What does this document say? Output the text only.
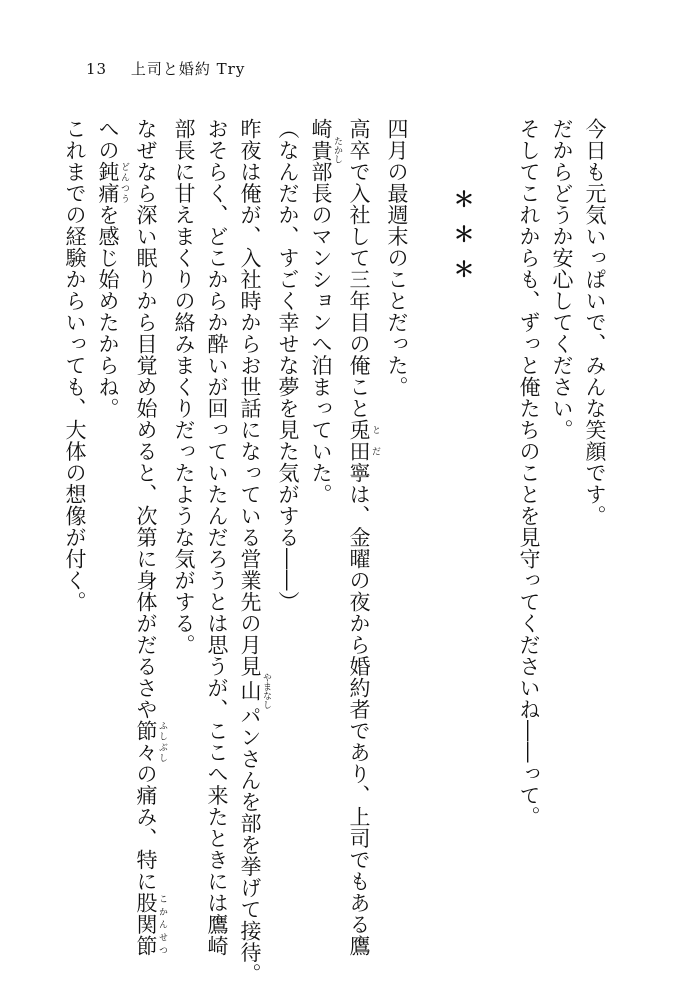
13 上司と婚約 Try

今日も元気いっぱいで、みんな笑顔です。

だからどうか安心してください。

そしてこれからも、ずっと俺たちのことを見守ってくださいね――って。

＊＊＊

四月の最週末のことだった。

高卒で入社して三年目の俺こと兎田 とだ寧は、金曜の夜から婚約者であり、上司でもある鷹

崎貴 たかし部長のマンションへ泊まっていた。

（なんだか、すごく幸せな夢を見た気がする――）

昨夜は俺が、入社時からお世話になっている営業先の月見山 やまなしパンさんを部を挙げて接待。

おそらく、どこからか酔いが回っていたんだろうとは思うが、ここへ来たときには鷹崎

部長に甘えまくりの絡みまくりだったような気がする。

なぜなら深い眠りから目覚め始めると、次第に身体がだるさや節々 ふしぶしの痛み、特に股関節 こかんせつ

への鈍痛 どんつうを感じ始めたからね。

これまでの経験からいっても、大体の想像が付く。
